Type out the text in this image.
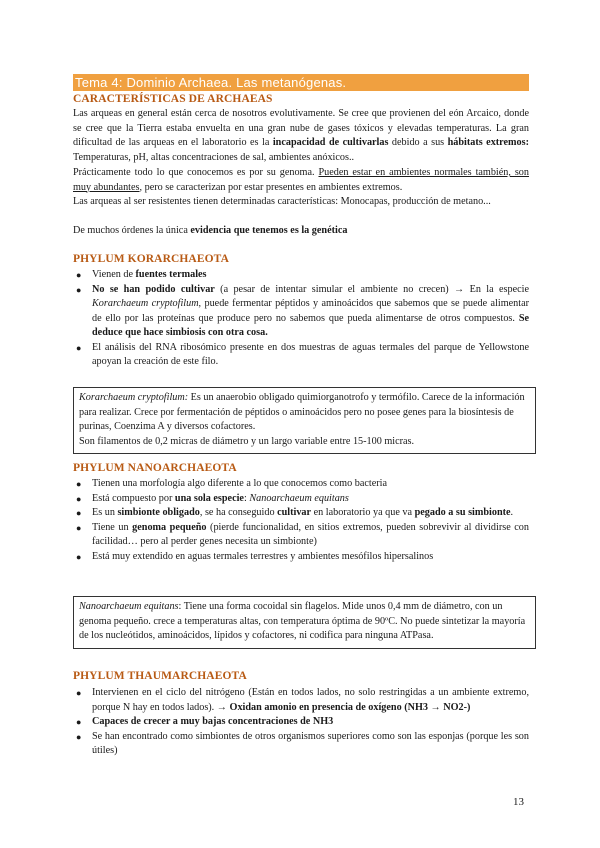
Tema 4: Dominio Archaea. Las metanógenas.
CARACTERÍSTICAS DE ARCHAEAS
Las arqueas en general están cerca de nosotros evolutivamente. Se cree que provienen del eón Arcaico, donde se cree que la Tierra estaba envuelta en una gran nube de gases tóxicos y elevadas temperaturas. La gran dificultad de las arqueas en el laboratorio es la incapacidad de cultivarlas debido a sus hábitats extremos: Temperaturas, pH, altas concentraciones de sal, ambientes anóxicos..
Prácticamente todo lo que conocemos es por su genoma. Pueden estar en ambientes normales también, son muy abundantes, pero se caracterizan por estar presentes en ambientes extremos.
Las arqueas al ser resistentes tienen determinadas características: Monocapas, producción de metano...
De muchos órdenes la única evidencia que tenemos es la genética
PHYLUM KORARCHAEOTA
● Vienen de fuentes termales
● No se han podido cultivar (a pesar de intentar simular el ambiente no crecen) → En la especie Korarchaeum cryptofilum, puede fermentar péptidos y aminoácidos que sabemos que se puede alimentar de ello por las proteínas que produce pero no sabemos que pueda alimentarse de otros compuestos. Se deduce que hace simbiosis con otra cosa.
● El análisis del RNA ribosómico presente en dos muestras de aguas termales del parque de Yellowstone apoyan la creación de este filo.
Korarchaeum cryptofilum: Es un anaerobio obligado quimiorganotrofo y termófilo. Carece de la información para realizar. Crece por fermentación de péptidos o aminoácidos pero no posee genes para la biosíntesis de purinas, Coenzima A y diversos cofactores.
Son filamentos de 0,2 micras de diámetro y un largo variable entre 15-100 micras.
PHYLUM NANOARCHAEOTA
● Tienen una morfología algo diferente a lo que conocemos como bacteria
● Está compuesto por una sola especie: Nanoarchaeum equitans
● Es un simbionte obligado, se ha conseguido cultivar en laboratorio ya que va pegado a su simbionte.
● Tiene un genoma pequeño (pierde funcionalidad, en sitios extremos, pueden sobrevivir al dividirse con facilidad… pero al perder genes necesita un simbionte)
● Está muy extendido en aguas termales terrestres y ambientes mesófilos hipersalinos
Nanoarchaeum equitans: Tiene una forma cocoidal sin flagelos. Mide unos 0,4 mm de diámetro, con un genoma pequeño. crece a temperaturas altas, con temperatura óptima de 90ºC. No puede sintetizar la mayoría de los nucleótidos, aminoácidos, lípidos y cofactores, ni codifica para ninguna ATPasa.
PHYLUM THAUMARCHAEOTA
● Intervienen en el ciclo del nitrógeno (Están en todos lados, no solo restringidas a un ambiente extremo, porque N hay en todos lados). → Oxidan amonio en presencia de oxígeno (NH3 → NO2-)
● Capaces de crecer a muy bajas concentraciones de NH3
● Se han encontrado como simbiontes de otros organismos superiores como son las esponjas (porque les son útiles)
13
